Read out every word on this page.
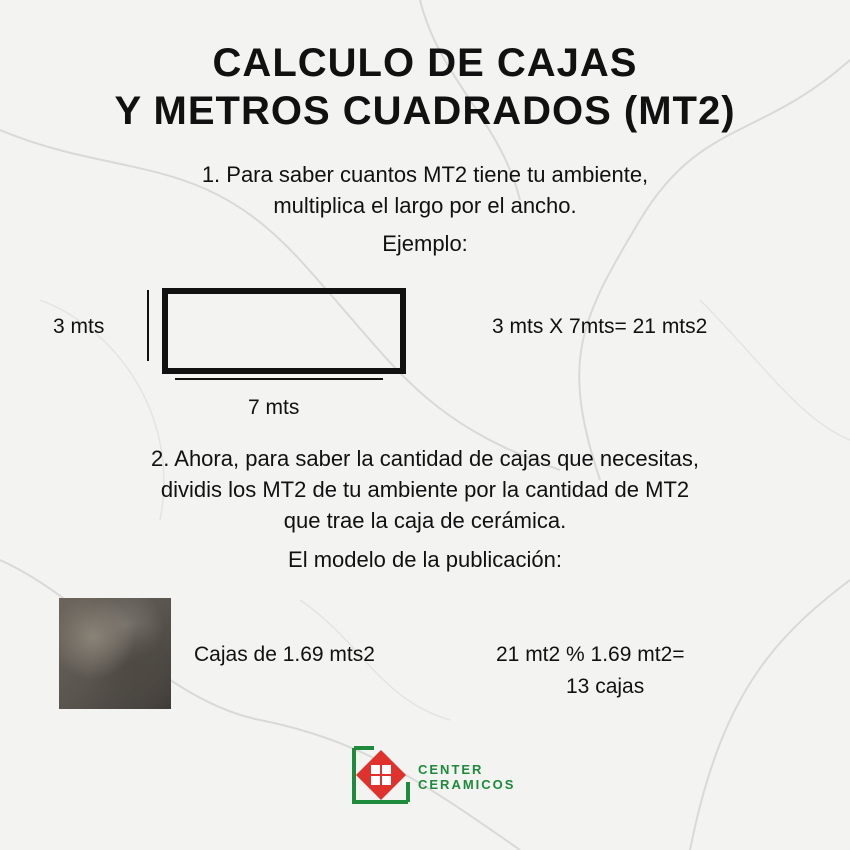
CALCULO DE CAJAS
Y METROS CUADRADOS (MT2)
1. Para saber cuantos MT2 tiene tu ambiente,
multiplica el largo por el ancho.
Ejemplo:
3 mts
7 mts
3 mts X 7mts= 21 mts2
2. Ahora, para saber la cantidad de cajas que necesitas,
dividis los MT2 de tu ambiente por la cantidad de MT2
que trae la caja de cerámica.
El modelo de la publicación:
Cajas de 1.69 mts2	21 mt2 % 1.69 mt2=
13 cajas
CENTER
CERAMICOS
